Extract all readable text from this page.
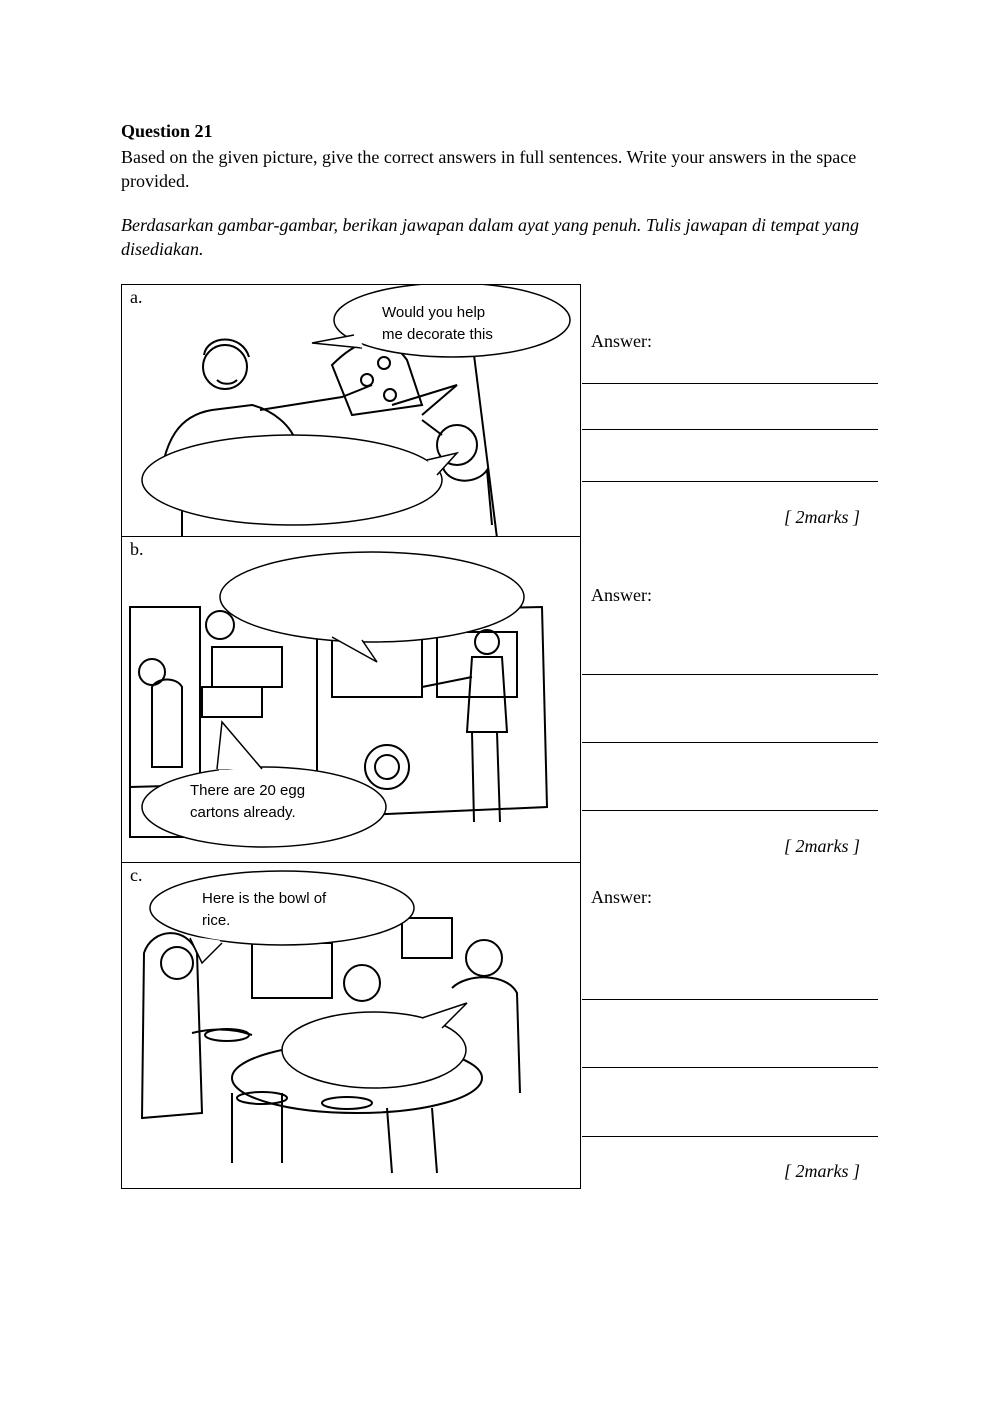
Question 21
Based on the given picture, give the correct answers in full sentences. Write your answers in the space provided.
Berdasarkan gambar-gambar, berikan jawapan dalam ayat yang penuh. Tulis jawapan di tempat yang disediakan.
Would you help
me decorate this
a.
There are 20 egg
cartons already.
b.
Here is the bowl of
rice.
c.
Answer:
[ 2marks ]
Answer:
[ 2marks ]
Answer:
[ 2marks ]
